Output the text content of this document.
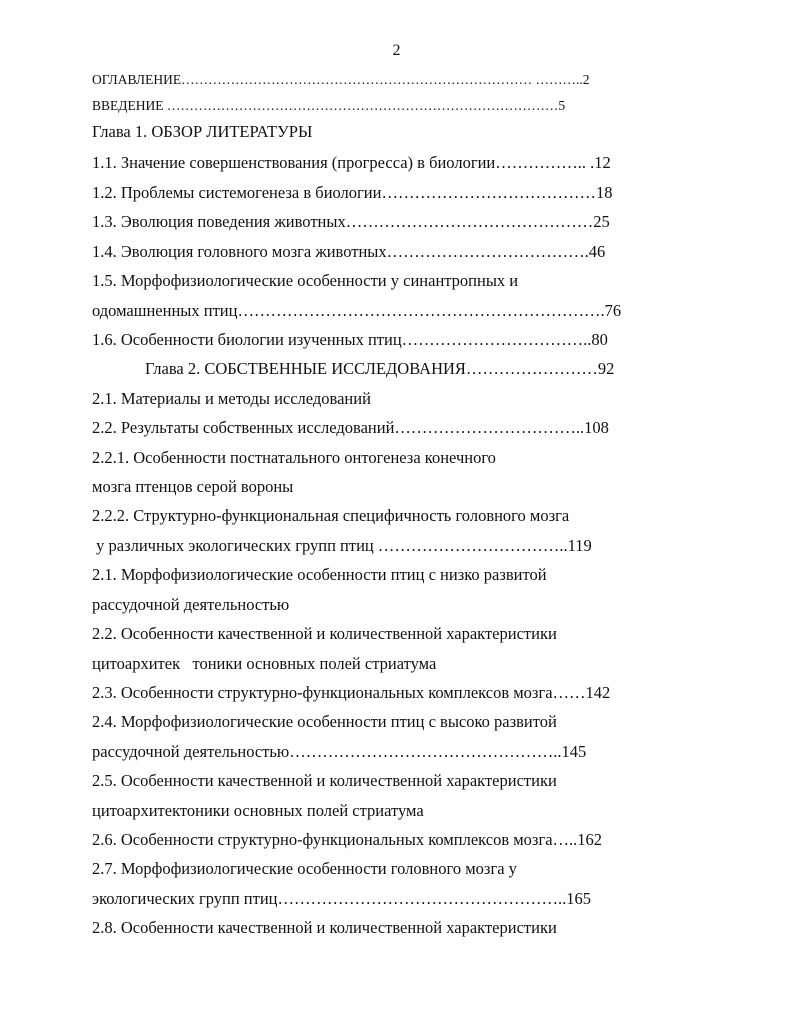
2
ОГЛАВЛЕНИЕ…………………………………………………………………… ………..2
ВВЕДЕНИЕ ……………………………………………………………………………5
Глава 1. ОБЗОР ЛИТЕРАТУРЫ
1.1. Значение совершенствования (прогресса) в биологии…………….. .12
1.2. Проблемы системогенеза в биологии…………………………………18
1.3. Эволюция поведения животных………………………………………25
1.4. Эволюция головного мозга животных……………………………….46
1.5. Морфофизиологические особенности у синантропных и
одомашненных птиц………………………………………………………….76
1.6. Особенности биологии изученных птиц……………………………..80
Глава 2. СОБСТВЕННЫЕ ИССЛЕДОВАНИЯ……………………92
2.1. Материалы и методы исследований
2.2. Результаты собственных исследований……………………………..108
2.2.1. Особенности постнатального онтогенеза конечного
мозга птенцов серой вороны
2.2.2. Структурно-функциональная специфичность головного мозга
у различных экологических групп птиц ……………………………..119
2.1. Морфофизиологические особенности птиц с низко развитой
рассудочной деятельностью
2.2. Особенности качественной и количественной характеристики
цитоархитек   тоники основных полей стриатума
2.3. Особенности структурно-функциональных комплексов мозга……142
2.4. Морфофизиологические особенности птиц с высоко развитой
рассудочной деятельностью…………………………………………..145
2.5. Особенности качественной и количественной характеристики
цитоархитектоники основных полей стриатума
2.6. Особенности структурно-функциональных комплексов мозга…..162
2.7. Морфофизиологические особенности головного мозга у
экологических групп птиц……………………………………………..165
2.8. Особенности качественной и количественной характеристики
